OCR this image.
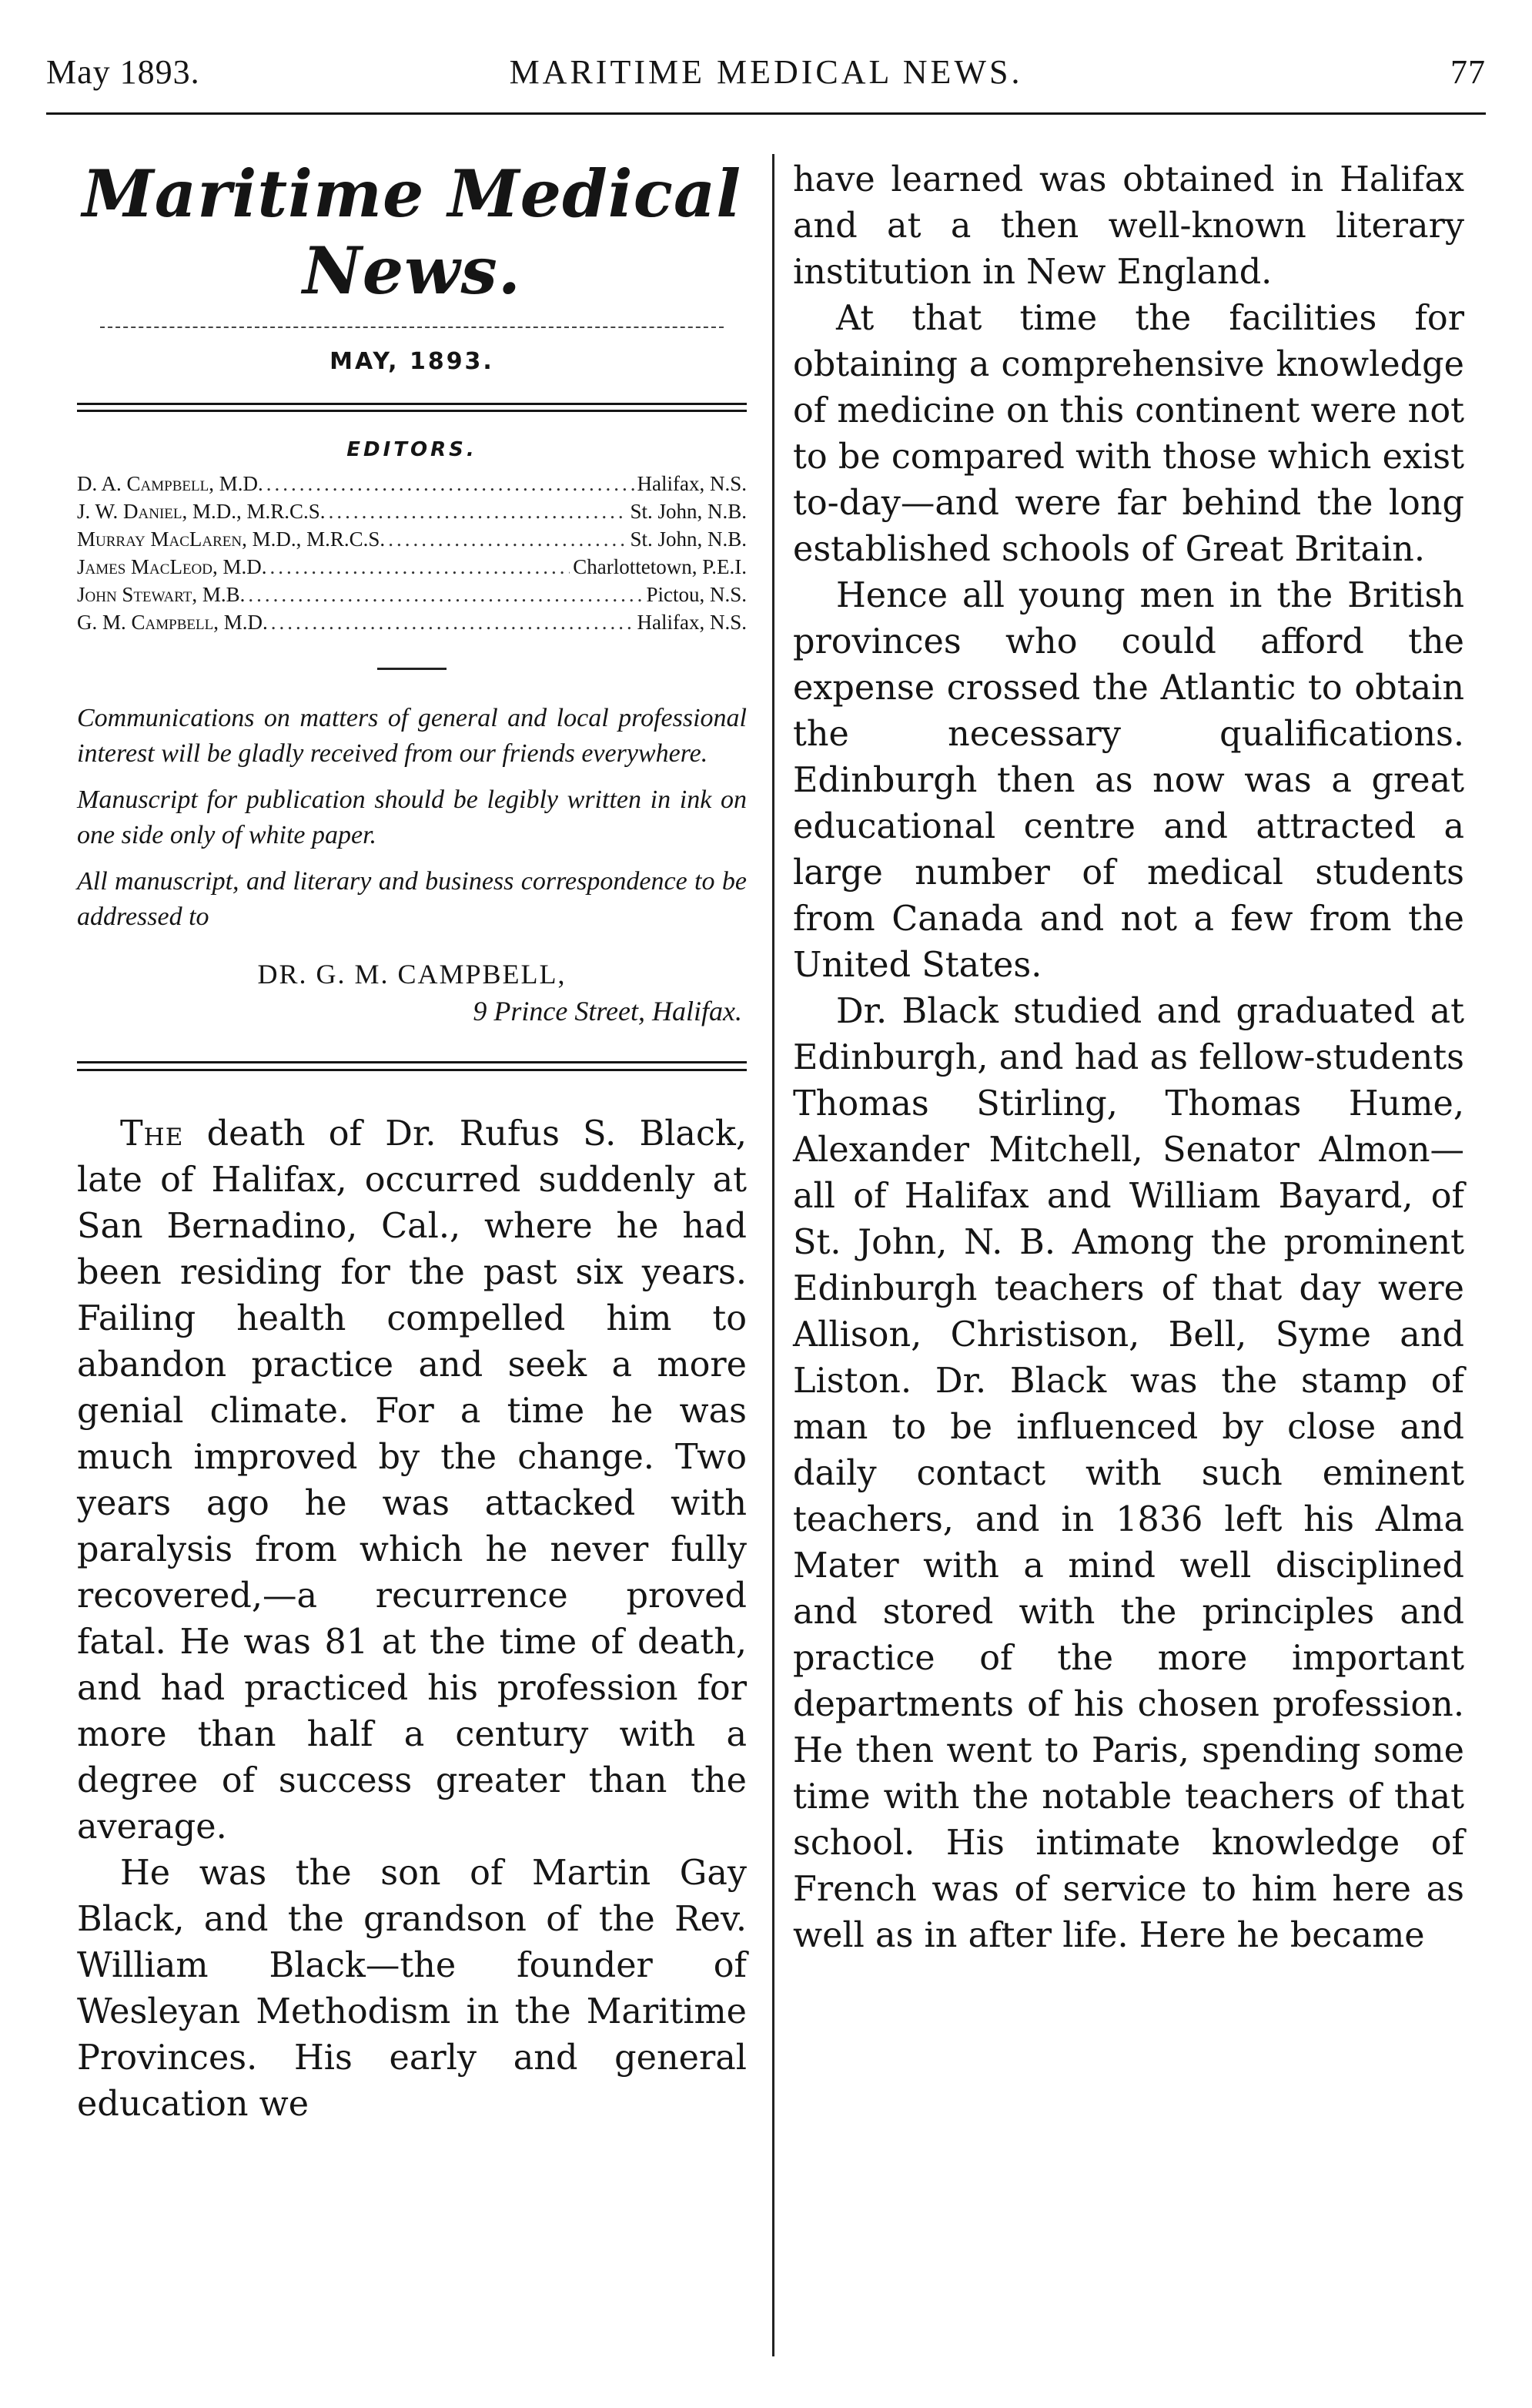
May 1893.	MARITIME MEDICAL NEWS.	77
Maritime Medical News.
MAY, 1893.
EDITORS.
D. A. Campbell, M.D. .....	Halifax, N.S.
J. W. Daniel, M.D., M.R.C.S. .....	St. John, N.B.
Murray MacLaren, M.D., M.R.C.S. .....	St. John, N.B.
James MacLeod, M.D. .....	Charlottetown, P.E.I.
John Stewart, M.B. .....	Pictou, N.S.
G. M. Campbell, M.D. .....	Halifax, N.S.
Communications on matters of general and local professional interest will be gladly received from our friends everywhere.
Manuscript for publication should be legibly written in ink on one side only of white paper.
All manuscript, and literary and business correspondence to be addressed to
DR. G. M. CAMPBELL,
9 Prince Street, Halifax.

The death of Dr. Rufus S. Black, late of Halifax, occurred suddenly at San Bernadino, Cal., where he had been residing for the past six years. Failing health compelled him to abandon practice and seek a more genial climate. For a time he was much improved by the change. Two years ago he was attacked with paralysis from which he never fully recovered,—a recurrence proved fatal. He was 81 at the time of death, and had practiced his profession for more than half a century with a degree of success greater than the average.

He was the son of Martin Gay Black, and the grandson of the Rev. William Black—the founder of Wesleyan Methodism in the Maritime Provinces. His early and general education we

have learned was obtained in Halifax and at a then well-known literary institution in New England.

At that time the facilities for obtaining a comprehensive knowledge of medicine on this continent were not to be compared with those which exist to-day—and were far behind the long established schools of Great Britain.

Hence all young men in the British provinces who could afford the expense crossed the Atlantic to obtain the necessary qualifications. Edinburgh then as now was a great educational centre and attracted a large number of medical students from Canada and not a few from the United States.

Dr. Black studied and graduated at Edinburgh, and had as fellow-students Thomas Stirling, Thomas Hume, Alexander Mitchell, Senator Almon—all of Halifax and William Bayard, of St. John, N. B. Among the prominent Edinburgh teachers of that day were Allison, Christison, Bell, Syme and Liston. Dr. Black was the stamp of man to be influenced by close and daily contact with such eminent teachers, and in 1836 left his Alma Mater with a mind well disciplined and stored with the principles and practice of the more important departments of his chosen profession. He then went to Paris, spending some time with the notable teachers of that school. His intimate knowledge of French was of service to him here as well as in after life. Here he became
